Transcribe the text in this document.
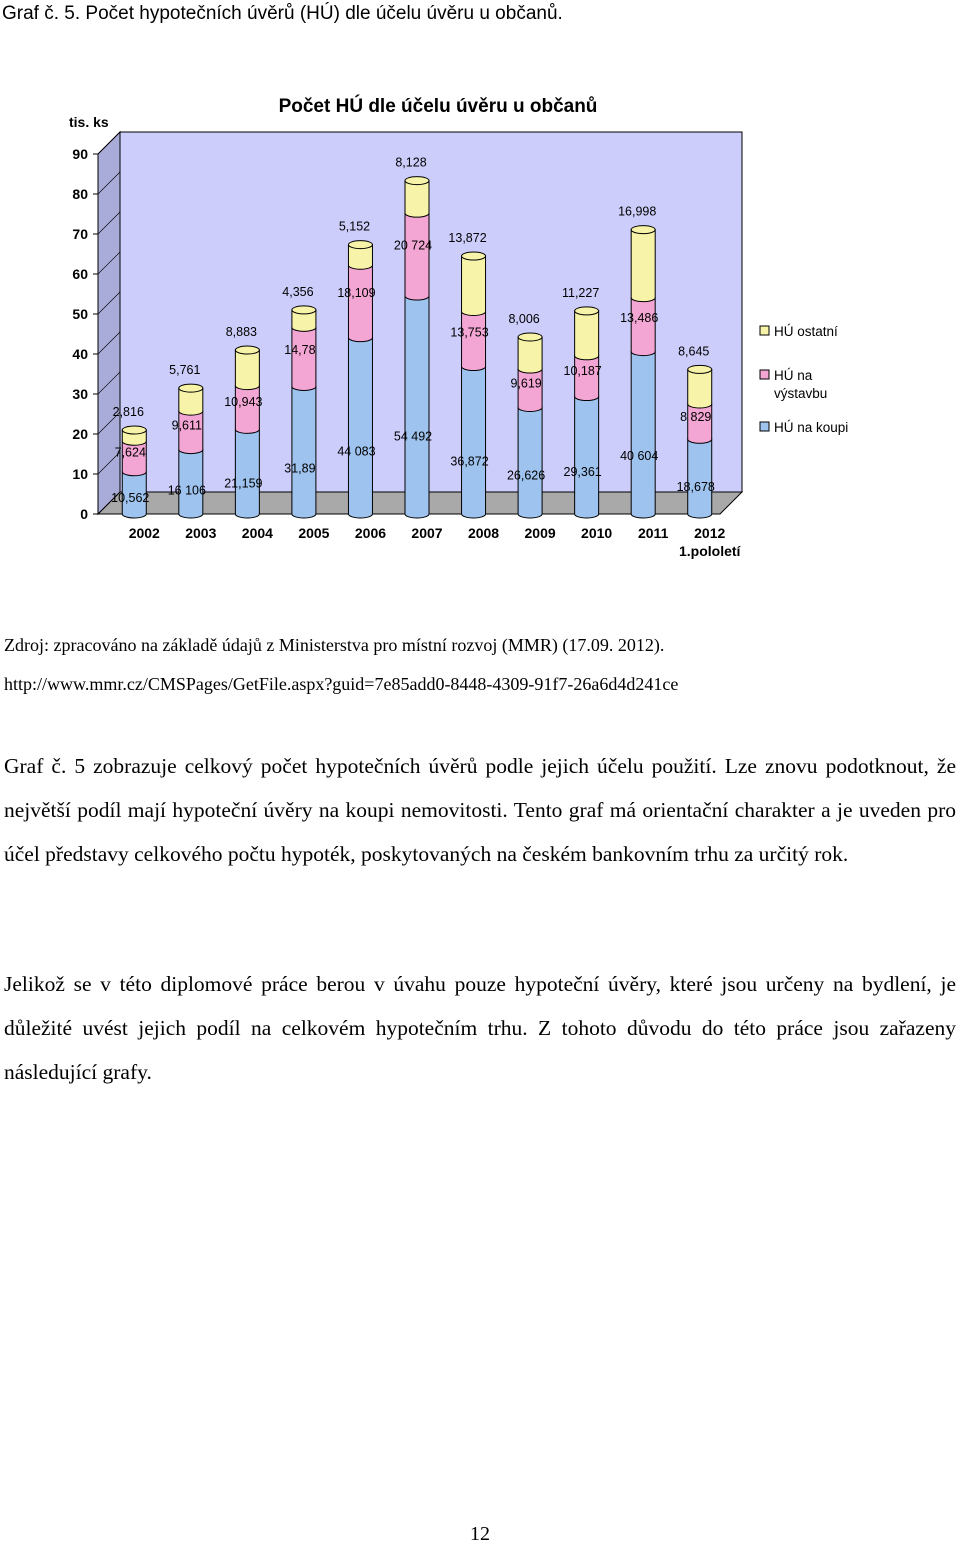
Graf č. 5. Počet hypotečních úvěrů (HÚ) dle účelu úvěru u občanů.
0
10
20
30
40
50
60
70
80
90
tis. ks
Počet HÚ dle účelu úvěru u občanů
2002 2003 2004 2005 2006 2007 2008 2009 2010 2011 2012
1.pololetí
10,562
7,624
2,816
16 106
9,611
5,761
21,159
10,943
8,883
31,89
14,78
4,356
44 083
18,109
5,152
54 492
20 724
8,128
36,872
13,753
13,872
26,626
9,619
8,006
29,361
10,187
11,227
40 604
13,486
16,998
18,678
8 829
8,645
HÚ ostatní
HÚ na
výstavbu
HÚ na koupi
Zdroj: zpracováno na základě údajů z Ministerstva pro místní rozvoj (MMR) (17.09. 2012).
http://www.mmr.cz/CMSPages/GetFile.aspx?guid=7e85add0-8448-4309-91f7-26a6d4d241ce

Graf č. 5 zobrazuje celkový počet hypotečních úvěrů podle jejich účelu použití. Lze znovu podotknout, že největší podíl mají hypoteční úvěry na koupi nemovitosti. Tento graf má orientační charakter a je uveden pro účel představy celkového počtu hypoték, poskytovaných na českém bankovním trhu za určitý rok.

Jelikož se v této diplomové práce berou v úvahu pouze hypoteční úvěry, které jsou určeny na bydlení, je důležité uvést jejich podíl na celkovém hypotečním trhu. Z tohoto důvodu do této práce jsou zařazeny následující grafy.

12
